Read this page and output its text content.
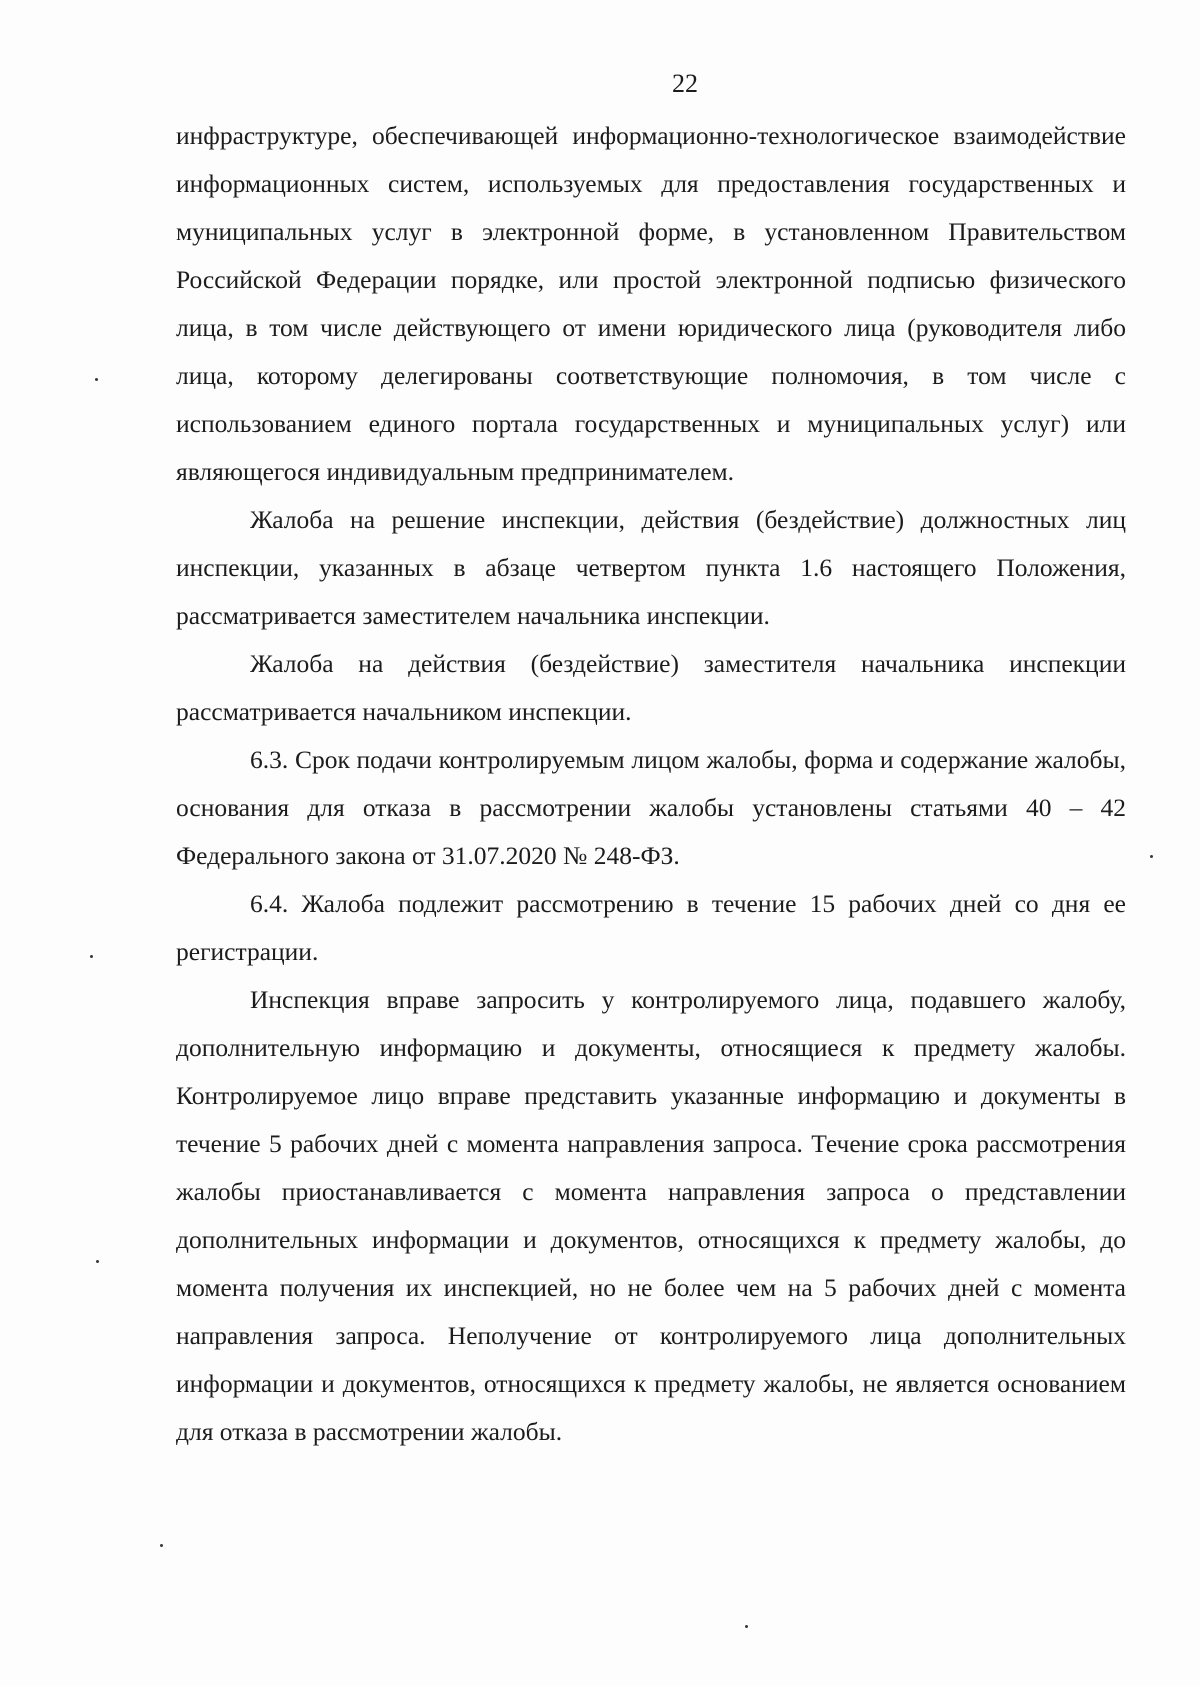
22

инфраструктуре, обеспечивающей информационно-технологическое взаимодействие информационных систем, используемых для предоставления государственных и муниципальных услуг в электронной форме, в установленном Правительством Российской Федерации порядке, или простой электронной подписью физического лица, в том числе действующего от имени юридического лица (руководителя либо лица, которому делегированы соответствующие полномочия, в том числе с использованием единого портала государственных и муниципальных услуг) или являющегося индивидуальным предпринимателем.

Жалоба на решение инспекции, действия (бездействие) должностных лиц инспекции, указанных в абзаце четвертом пункта 1.6 настоящего Положения, рассматривается заместителем начальника инспекции.

Жалоба на действия (бездействие) заместителя начальника инспекции рассматривается начальником инспекции.

6.3. Срок подачи контролируемым лицом жалобы, форма и содержание жалобы, основания для отказа в рассмотрении жалобы установлены статьями 40 – 42 Федерального закона от 31.07.2020 № 248-ФЗ.

6.4. Жалоба подлежит рассмотрению в течение 15 рабочих дней со дня ее регистрации.

Инспекция вправе запросить у контролируемого лица, подавшего жалобу, дополнительную информацию и документы, относящиеся к предмету жалобы. Контролируемое лицо вправе представить указанные информацию и документы в течение 5 рабочих дней с момента направления запроса. Течение срока рассмотрения жалобы приостанавливается с момента направления запроса о представлении дополнительных информации и документов, относящихся к предмету жалобы, до момента получения их инспекцией, но не более чем на 5 рабочих дней с момента направления запроса. Неполучение от контролируемого лица дополнительных информации и документов, относящихся к предмету жалобы, не является основанием для отказа в рассмотрении жалобы.
